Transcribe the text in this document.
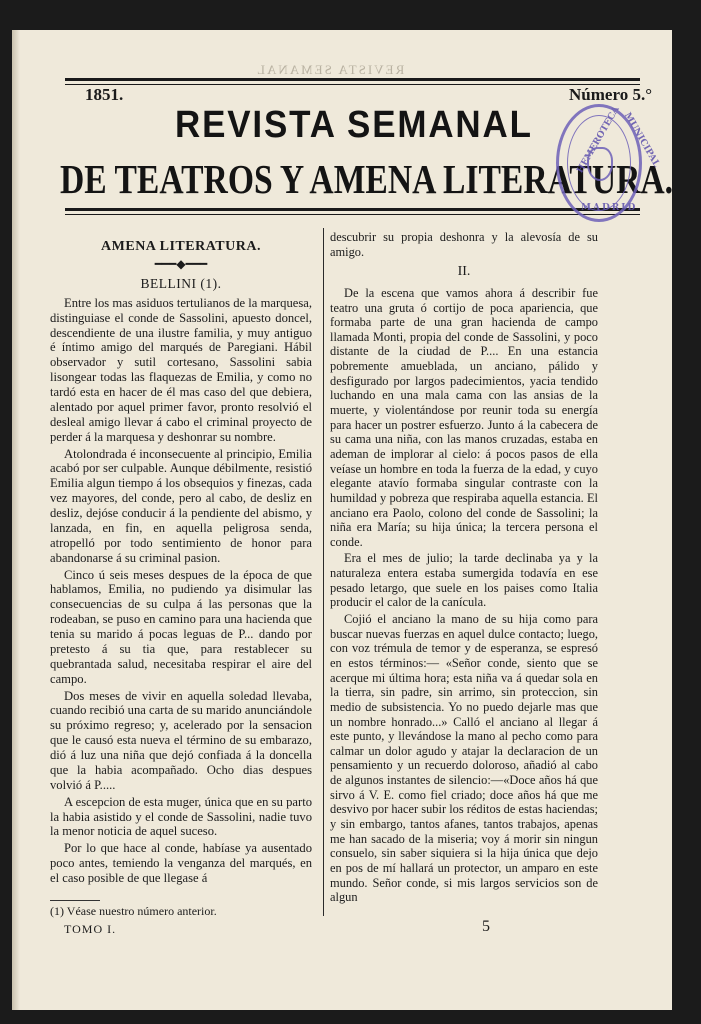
1851.	Número 5.°
REVISTA SEMANAL
REVISTA SEMANAL
DE TEATROS Y AMENA LITERATURA.
HEMEROTECA MUNICIPAL
MADRID
AMENA LITERATURA.
━━━◆━━━
BELLINI (1).

Entre los mas asiduos tertulianos de la marquesa, distinguiase el conde de Sassolini, apuesto doncel, descendiente de una ilustre familia, y muy antiguo é íntimo amigo del marqués de Paregiani. Hábil observador y sutil cortesano, Sassolini sabia lisongear todas las flaquezas de Emilia, y como no tardó esta en hacer de él mas caso del que debiera, alentado por aquel primer favor, pronto resolvió el desleal amigo llevar á cabo el criminal proyecto de perder á la marquesa y deshonrar su nombre.

Atolondrada é inconsecuente al principio, Emilia acabó por ser culpable. Aunque débilmente, resistió Emilia algun tiempo á los obsequios y finezas, cada vez mayores, del conde, pero al cabo, de desliz en desliz, dejóse conducir á la pendiente del abismo, y lanzada, en fin, en aquella peligrosa senda, atropelló por todo sentimiento de honor para abandonarse á su criminal pasion.

Cinco ú seis meses despues de la época de que hablamos, Emilia, no pudiendo ya disimular las consecuencias de su culpa á las personas que la rodeaban, se puso en camino para una hacienda que tenia su marido á pocas leguas de P... dando por pretesto á su tia que, para restablecer su quebrantada salud, necesitaba respirar el aire del campo.

Dos meses de vivir en aquella soledad llevaba, cuando recibió una carta de su marido anunciándole su próximo regreso; y, acelerado por la sensacion que le causó esta nueva el término de su embarazo, dió á luz una niña que dejó confiada á la doncella que la habia acompañado. Ocho dias despues volvió á P.....

A escepcion de esta muger, única que en su parto la habia asistido y el conde de Sassolini, nadie tuvo la menor noticia de aquel suceso.

Por lo que hace al conde, habíase ya ausentado poco antes, temiendo la venganza del marqués, en el caso posible de que llegase á

descubrir su propia deshonra y la alevosía de su amigo.

II.

De la escena que vamos ahora á describir fue teatro una gruta ó cortijo de poca apariencia, que formaba parte de una gran hacienda de campo llamada Monti, propia del conde de Sassolini, y poco distante de la ciudad de P.... En una estancia pobremente amueblada, un anciano, pálido y desfigurado por largos padecimientos, yacia tendido luchando en una mala cama con las ansias de la muerte, y violentándose por reunir toda su energía para hacer un postrer esfuerzo. Junto á la cabecera de su cama una niña, con las manos cruzadas, estaba en ademan de implorar al cielo: á pocos pasos de ella veíase un hombre en toda la fuerza de la edad, y cuyo elegante atavío formaba singular contraste con la humildad y pobreza que respiraba aquella estancia. El anciano era Paolo, colono del conde de Sassolini; la niña era María; su hija única; la tercera persona el conde.

Era el mes de julio; la tarde declinaba ya y la naturaleza entera estaba sumergida todavía en ese pesado letargo, que suele en los paises como Italia producir el calor de la canícula.

Cojió el anciano la mano de su hija como para buscar nuevas fuerzas en aquel dulce contacto; luego, con voz trémula de temor y de esperanza, se espresó en estos términos:— «Señor conde, siento que se acerque mi última hora; esta niña va á quedar sola en la tierra, sin padre, sin arrimo, sin proteccion, sin medio de subsistencia. Yo no puedo dejarle mas que un nombre honrado...» Calló el anciano al llegar á este punto, y llevándose la mano al pecho como para calmar un dolor agudo y atajar la declaracion de un pensamiento y un recuerdo doloroso, añadió al cabo de algunos instantes de silencio:—«Doce años há que sirvo á V. E. como fiel criado; doce años há que me desvivo por hacer subir los réditos de estas haciendas; y sin embargo, tantos afanes, tantos trabajos, apenas me han sacado de la miseria; voy á morir sin ningun consuelo, sin saber siquiera si la hija única que dejo en pos de mí hallará un protector, un amparo en este mundo. Señor conde, si mis largos servicios son de algun

(1) Véase nuestro número anterior.
TOMO I.	5
